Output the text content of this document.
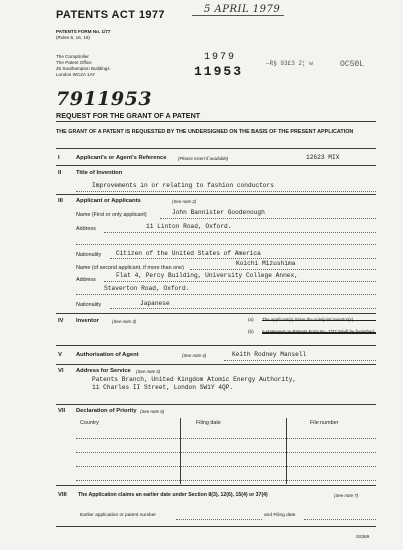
PATENTS ACT 1977	5 APRIL 1979
PATENTS FORM No. 1/77
(Rules 6, 16, 19)
The Comptroller
The Patent Office
25 Southampton Buildings
London WC2A 1AY
1979
11953
—R§ 93£3 2¦ w	OC50L
7911953
REQUEST FOR THE GRANT OF A PATENT
THE GRANT OF A PATENT IS REQUESTED BY THE UNDERSIGNED ON THE BASIS OF THE PRESENT APPLICATION
I	Applicant's or Agent's Reference	(Please insert if available)	12623 MIX
II	Title of Invention
Improvements in or relating to fashion conductors
III Applicant or Applicants	(See note 2)
Name (First or only applicant)	John Bannister Goodenough
Address	11 Linton Road, Oxford.
Nationality Citizen of the United States of America
Name (of second applicant, if more than one)
Koichi Mizushima
Address
Flat 4, Percy Building, University College Annex,
Staverton Road, Oxford.
Nationality	Japanese
IV Inventor	(See note 3)	(a) The applicant(s) is/are the sole/joint inventor(s)
(b) A statement on Patents Form No. 7/77 is/will be furnished
V Authorisation of Agent	(See note 4)	Keith Rodney Mansell
VI Address for Service (See note 5)
Patents Branch, United Kingdom Atomic Energy Authority,
11 Charles II Street, London SW1Y 4QP.
VII Declaration of Priority (See note 6)
Country	Filing date	File number
VIII The Application claims an earlier date under Section 8(3), 12(6), 15(4) or 37(4)	(See note 7)
Earlier application or patent number	and Filing date
SS369
